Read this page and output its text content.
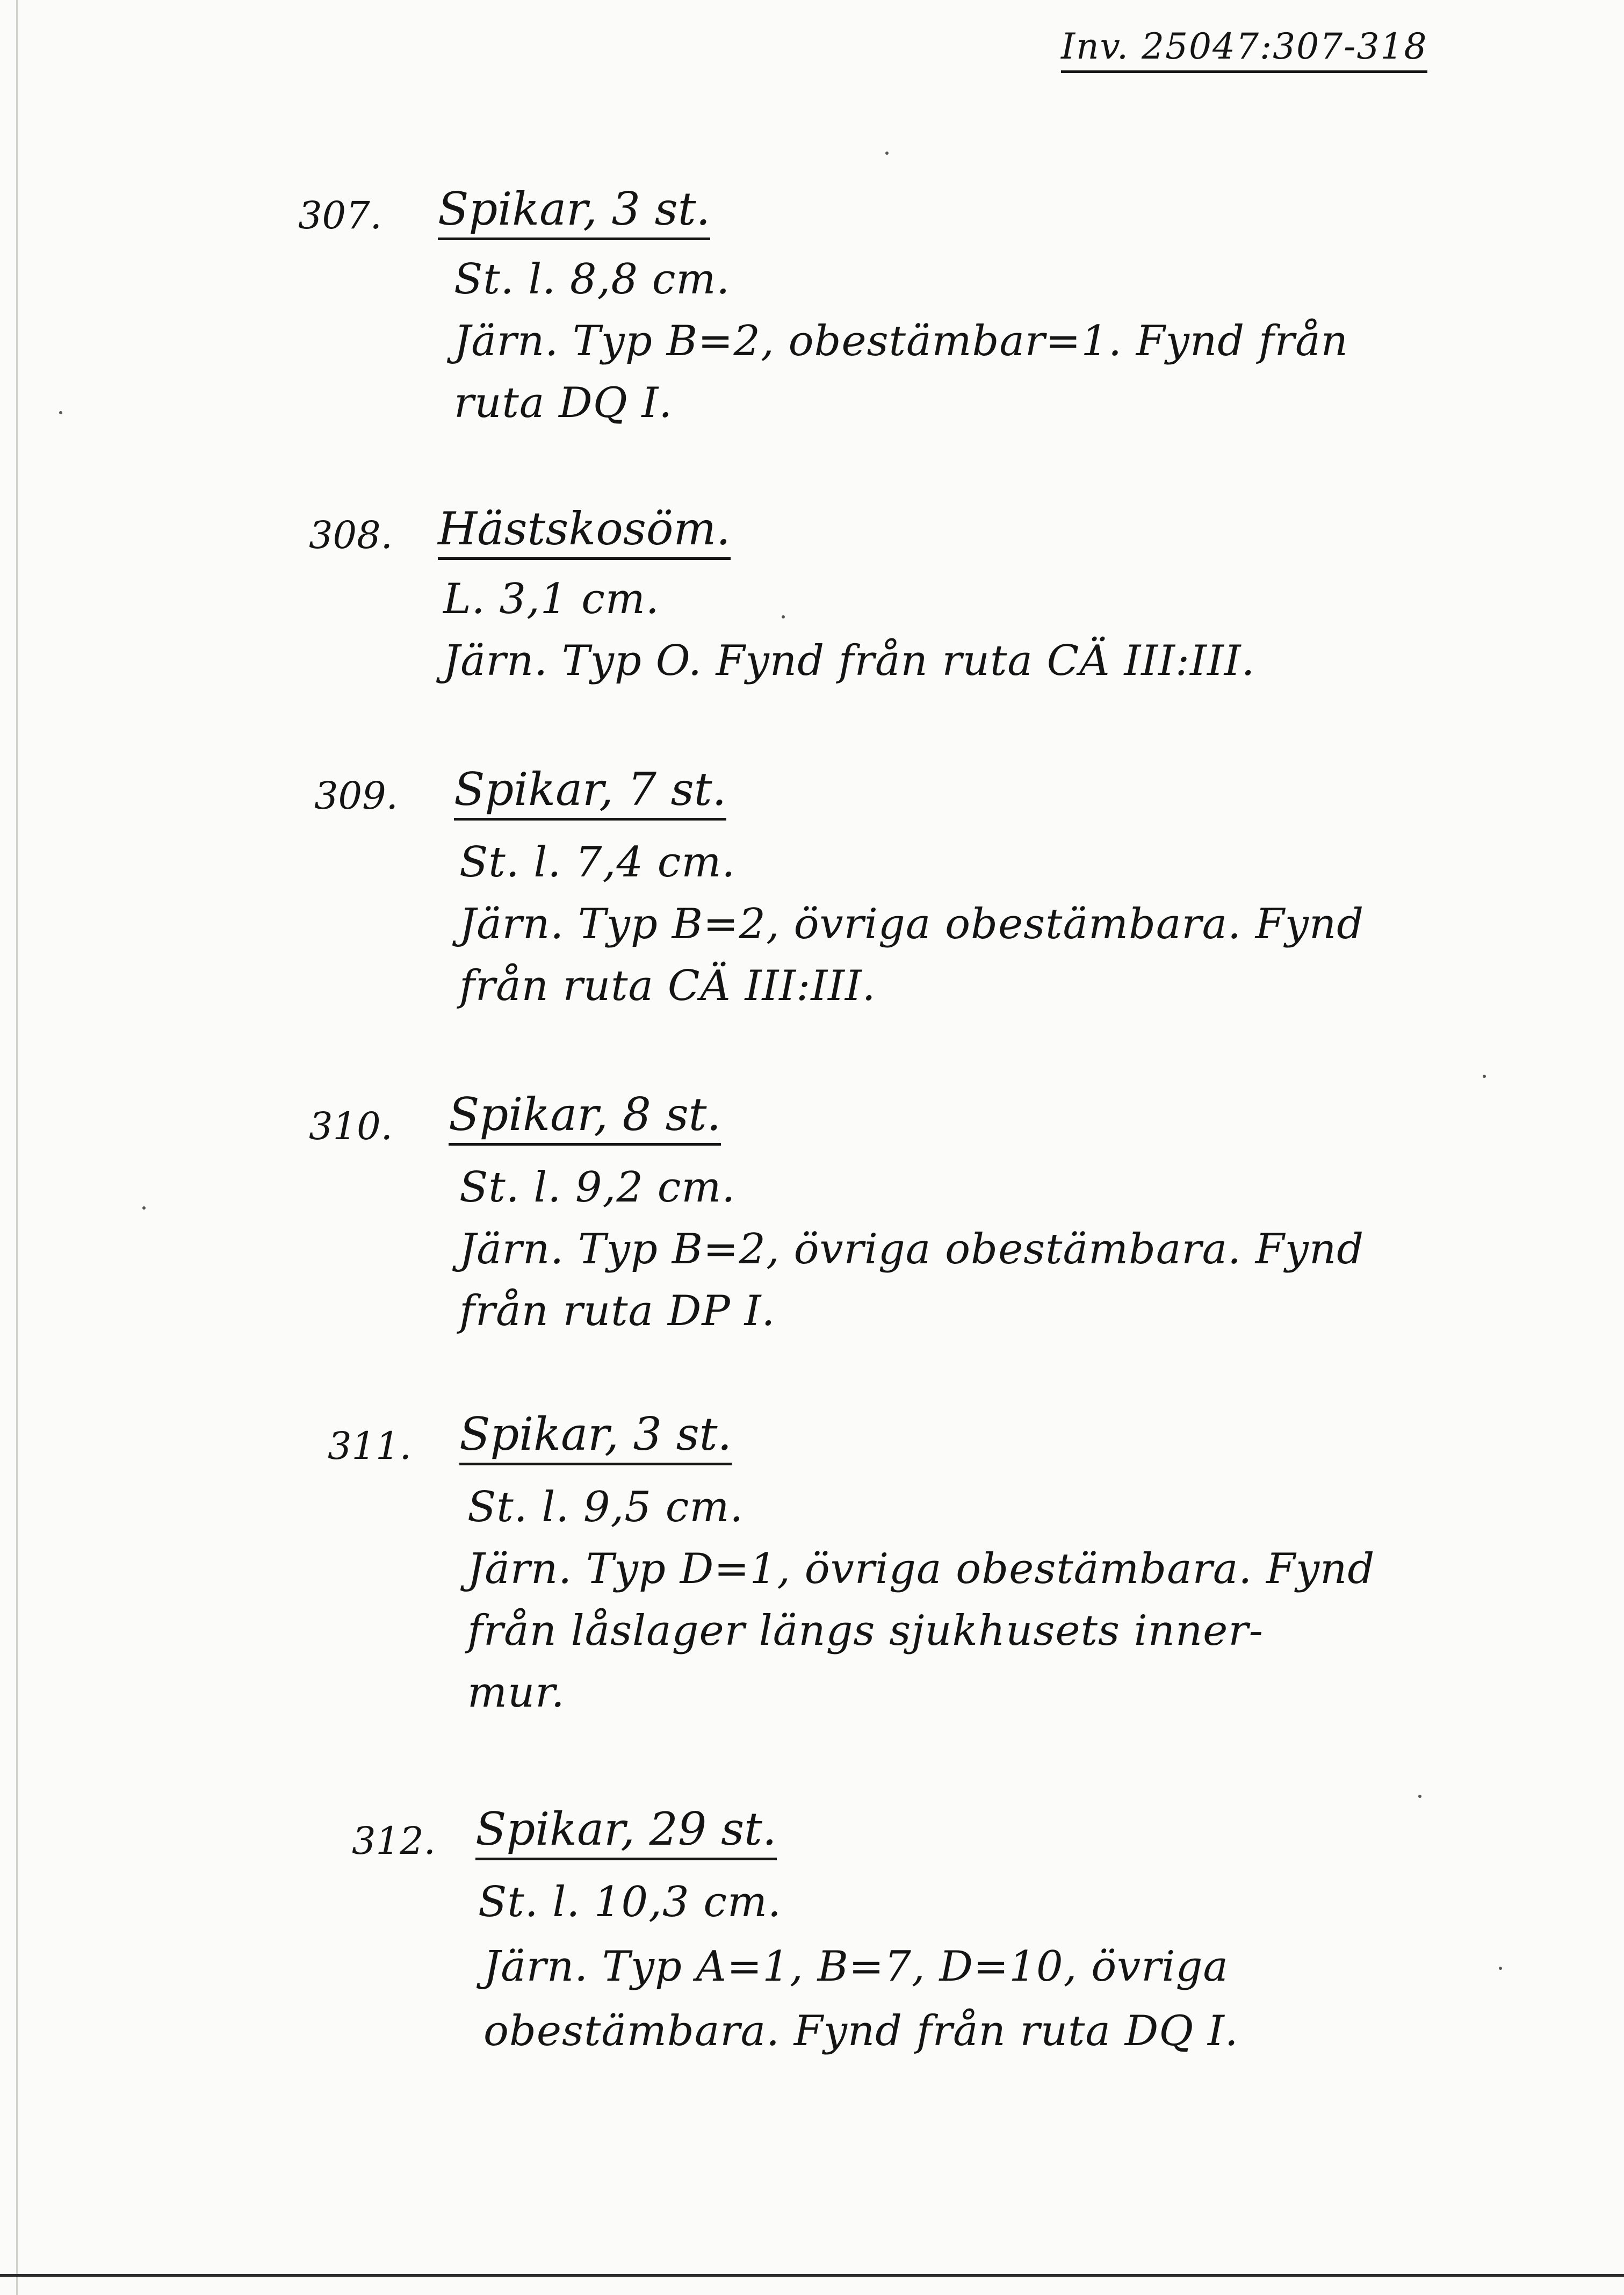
Inv. 25047:307-318
307. Spikar, 3 st.
St. l. 8,8 cm.
Järn. Typ B=2, obestämbar=1. Fynd från
ruta DQ I.
308. Hästskosöm.
L. 3,1 cm.
Järn. Typ O. Fynd från ruta CÄ III:III.
309. Spikar, 7 st.
St. l. 7,4 cm.
Järn. Typ B=2, övriga obestämbara. Fynd
från ruta CÄ III:III.
310. Spikar, 8 st.
St. l. 9,2 cm.
Järn. Typ B=2, övriga obestämbara. Fynd
från ruta DP I.
311. Spikar, 3 st.
St. l. 9,5 cm.
Järn. Typ D=1, övriga obestämbara. Fynd
från låslager längs sjukhusets inner-
mur.
312. Spikar, 29 st.
St. l. 10,3 cm.
Järn. Typ A=1, B=7, D=10, övriga
obestämbara. Fynd från ruta DQ I.
